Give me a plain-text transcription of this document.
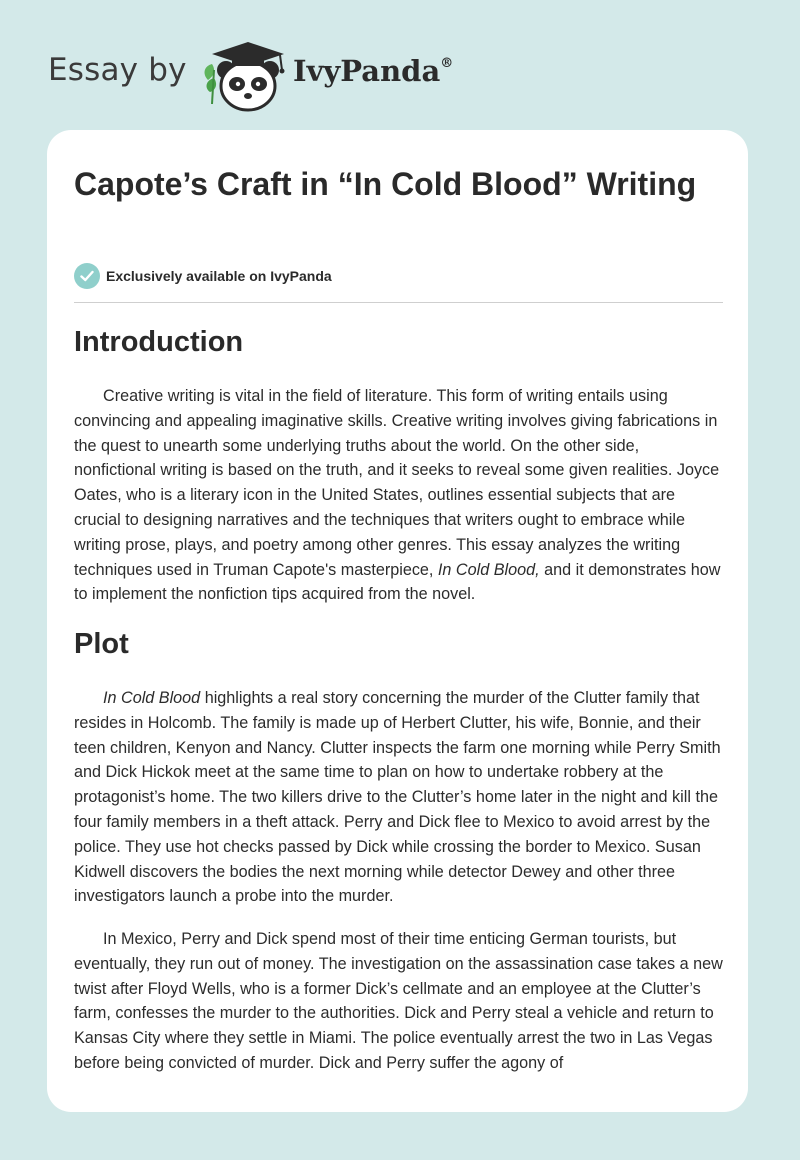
Essay by	IvyPanda®
Capote’s Craft in “In Cold Blood” Writing
Exclusively available on IvyPanda
Introduction

Creative writing is vital in the field of literature. This form of writing entails using convincing and appealing imaginative skills. Creative writing involves giving fabrications in the quest to unearth some underlying truths about the world. On the other side, nonfictional writing is based on the truth, and it seeks to reveal some given realities. Joyce Oates, who is a literary icon in the United States, outlines essential subjects that are crucial to designing narratives and the techniques that writers ought to embrace while writing prose, plays, and poetry among other genres. This essay analyzes the writing techniques used in Truman Capote's masterpiece, In Cold Blood, and it demonstrates how to implement the nonfiction tips acquired from the novel.

Plot

In Cold Blood highlights a real story concerning the murder of the Clutter family that resides in Holcomb. The family is made up of Herbert Clutter, his wife, Bonnie, and their teen children, Kenyon and Nancy. Clutter inspects the farm one morning while Perry Smith and Dick Hickok meet at the same time to plan on how to undertake robbery at the protagonist’s home. The two killers drive to the Clutter’s home later in the night and kill the four family members in a theft attack. Perry and Dick flee to Mexico to avoid arrest by the police. They use hot checks passed by Dick while crossing the border to Mexico. Susan Kidwell discovers the bodies the next morning while detector Dewey and other three investigators launch a probe into the murder.

In Mexico, Perry and Dick spend most of their time enticing German tourists, but eventually, they run out of money. The investigation on the assassination case takes a new twist after Floyd Wells, who is a former Dick’s cellmate and an employee at the Clutter’s farm, confesses the murder to the authorities. Dick and Perry steal a vehicle and return to Kansas City where they settle in Miami. The police eventually arrest the two in Las Vegas before being convicted of murder. Dick and Perry suffer the agony of
